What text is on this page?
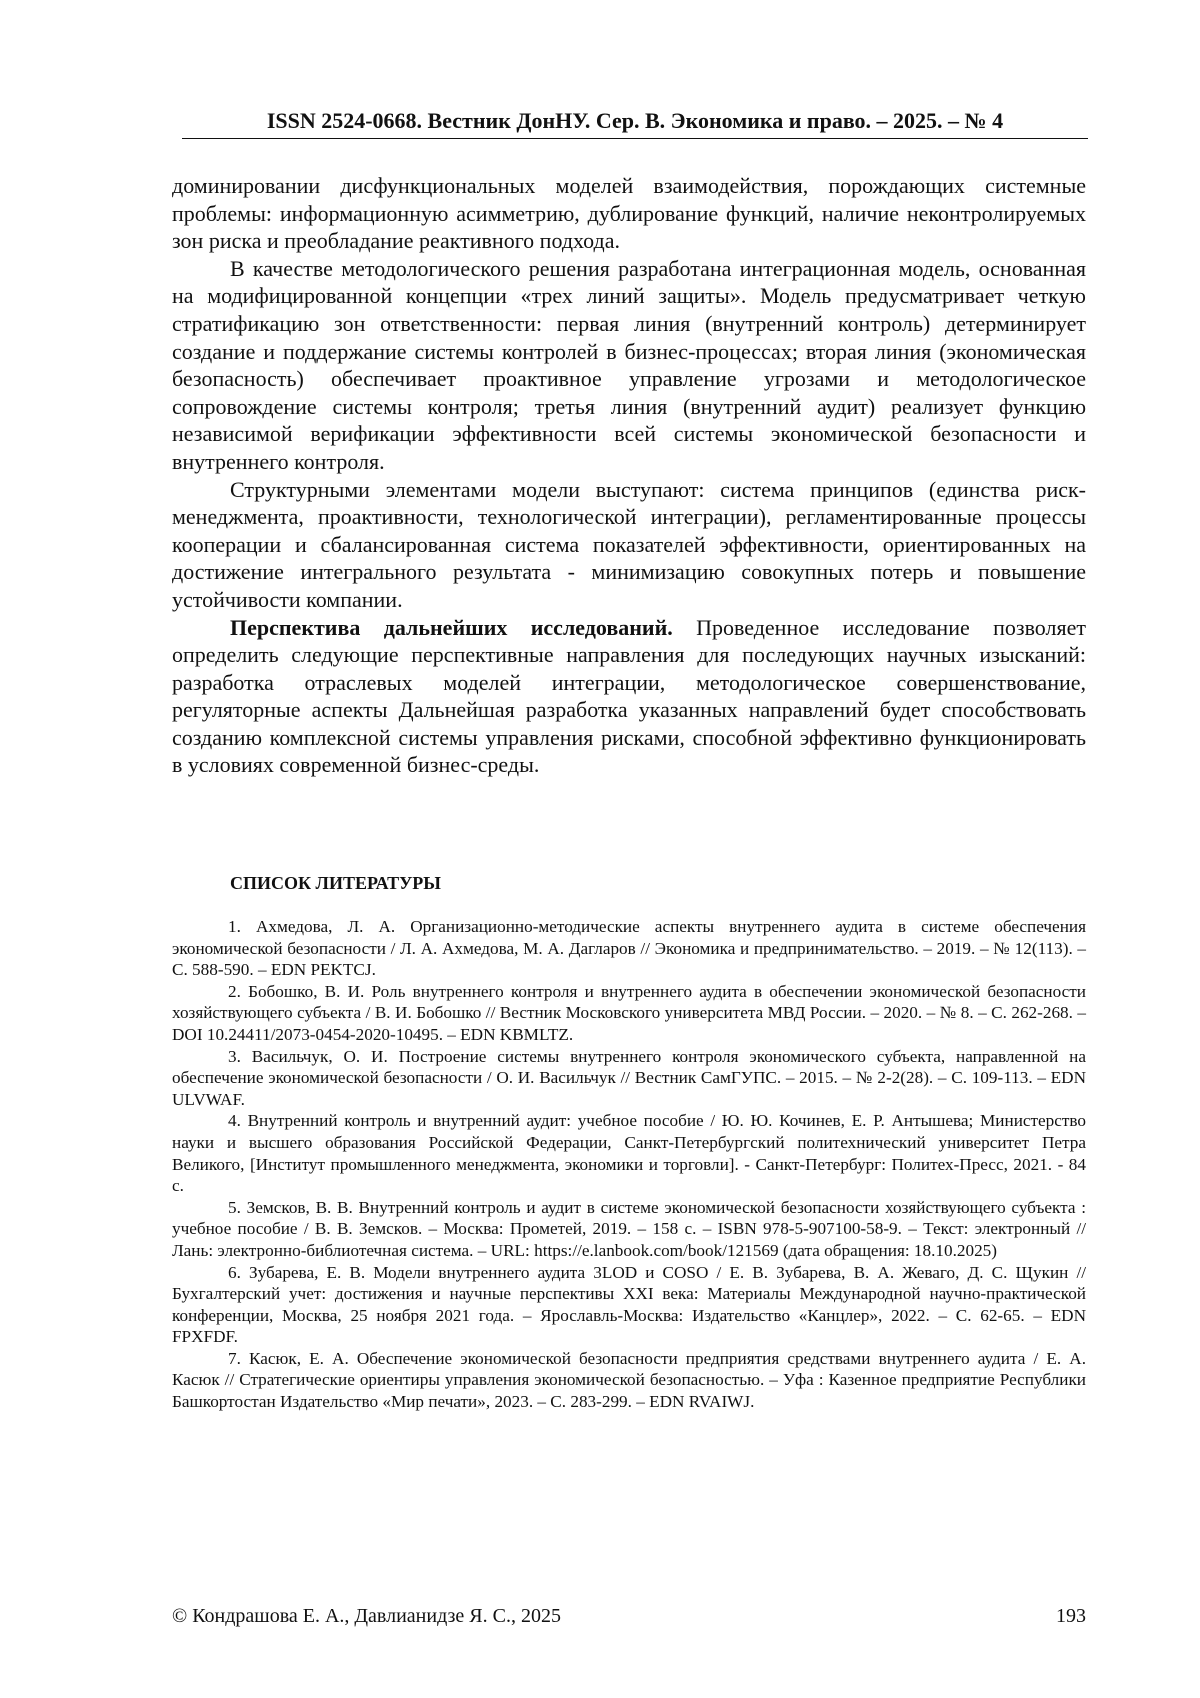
ISSN 2524-0668. Вестник ДонНУ. Сер. В. Экономика и право. – 2025. – № 4

доминировании дисфункциональных моделей взаимодействия, порождающих системные проблемы: информационную асимметрию, дублирование функций, наличие неконтролируемых зон риска и преобладание реактивного подхода.

В качестве методологического решения разработана интеграционная модель, основанная на модифицированной концепции «трех линий защиты». Модель предусматривает четкую стратификацию зон ответственности: первая линия (внутренний контроль) детерминирует создание и поддержание системы контролей в бизнес-процессах; вторая линия (экономическая безопасность) обеспечивает проактивное управление угрозами и методологическое сопровождение системы контроля; третья линия (внутренний аудит) реализует функцию независимой верификации эффективности всей системы экономической безопасности и внутреннего контроля.

Структурными элементами модели выступают: система принципов (единства риск-менеджмента, проактивности, технологической интеграции), регламентированные процессы кооперации и сбалансированная система показателей эффективности, ориентированных на достижение интегрального результата - минимизацию совокупных потерь и повышение устойчивости компании.

Перспектива дальнейших исследований. Проведенное исследование позволяет определить следующие перспективные направления для последующих научных изысканий: разработка отраслевых моделей интеграции, методологическое совершенствование, регуляторные аспекты Дальнейшая разработка указанных направлений будет способствовать созданию комплексной системы управления рисками, способной эффективно функционировать в условиях современной бизнес-среды.

СПИСОК ЛИТЕРАТУРЫ

1. Ахмедова, Л. А. Организационно-методические аспекты внутреннего аудита в системе обеспечения экономической безопасности / Л. А. Ахмедова, М. А. Дагларов // Экономика и предпринимательство. – 2019. – № 12(113). – С. 588-590. – EDN PEKTCJ.

2. Бобошко, В. И. Роль внутреннего контроля и внутреннего аудита в обеспечении экономической безопасности хозяйствующего субъекта / В. И. Бобошко // Вестник Московского университета МВД России. – 2020. – № 8. – С. 262-268. – DOI 10.24411/2073-0454-2020-10495. – EDN KBMLTZ.

3. Васильчук, О. И. Построение системы внутреннего контроля экономического субъекта, направленной на обеспечение экономической безопасности / О. И. Васильчук // Вестник СамГУПС. – 2015. – № 2-2(28). – С. 109-113. – EDN ULVWAF.

4. Внутренний контроль и внутренний аудит: учебное пособие / Ю. Ю. Кочинев, Е. Р. Антышева; Министерство науки и высшего образования Российской Федерации, Санкт-Петербургский политехнический университет Петра Великого, [Институт промышленного менеджмента, экономики и торговли]. - Санкт-Петербург: Политех-Пресс, 2021. - 84 с.

5. Земсков, В. В. Внутренний контроль и аудит в системе экономической безопасности хозяйствующего субъекта : учебное пособие / В. В. Земсков. – Москва: Прометей, 2019. – 158 с. – ISBN 978-5-907100-58-9. – Текст: электронный // Лань: электронно-библиотечная система. – URL: https://e.lanbook.com/book/121569 (дата обращения: 18.10.2025)

6. Зубарева, Е. В. Модели внутреннего аудита 3LOD и COSO / Е. В. Зубарева, В. А. Жеваго, Д. С. Щукин // Бухгалтерский учет: достижения и научные перспективы XXI века: Материалы Международной научно-практической конференции, Москва, 25 ноября 2021 года. – Ярославль-Москва: Издательство «Канцлер», 2022. – С. 62-65. – EDN FPXFDF.

7. Касюк, Е. А. Обеспечение экономической безопасности предприятия средствами внутреннего аудита / Е. А. Касюк // Стратегические ориентиры управления экономической безопасностью. – Уфа : Казенное предприятие Республики Башкортостан Издательство «Мир печати», 2023. – С. 283-299. – EDN RVAIWJ.

© Кондрашова Е. А., Давлианидзе Я. С., 2025	193
